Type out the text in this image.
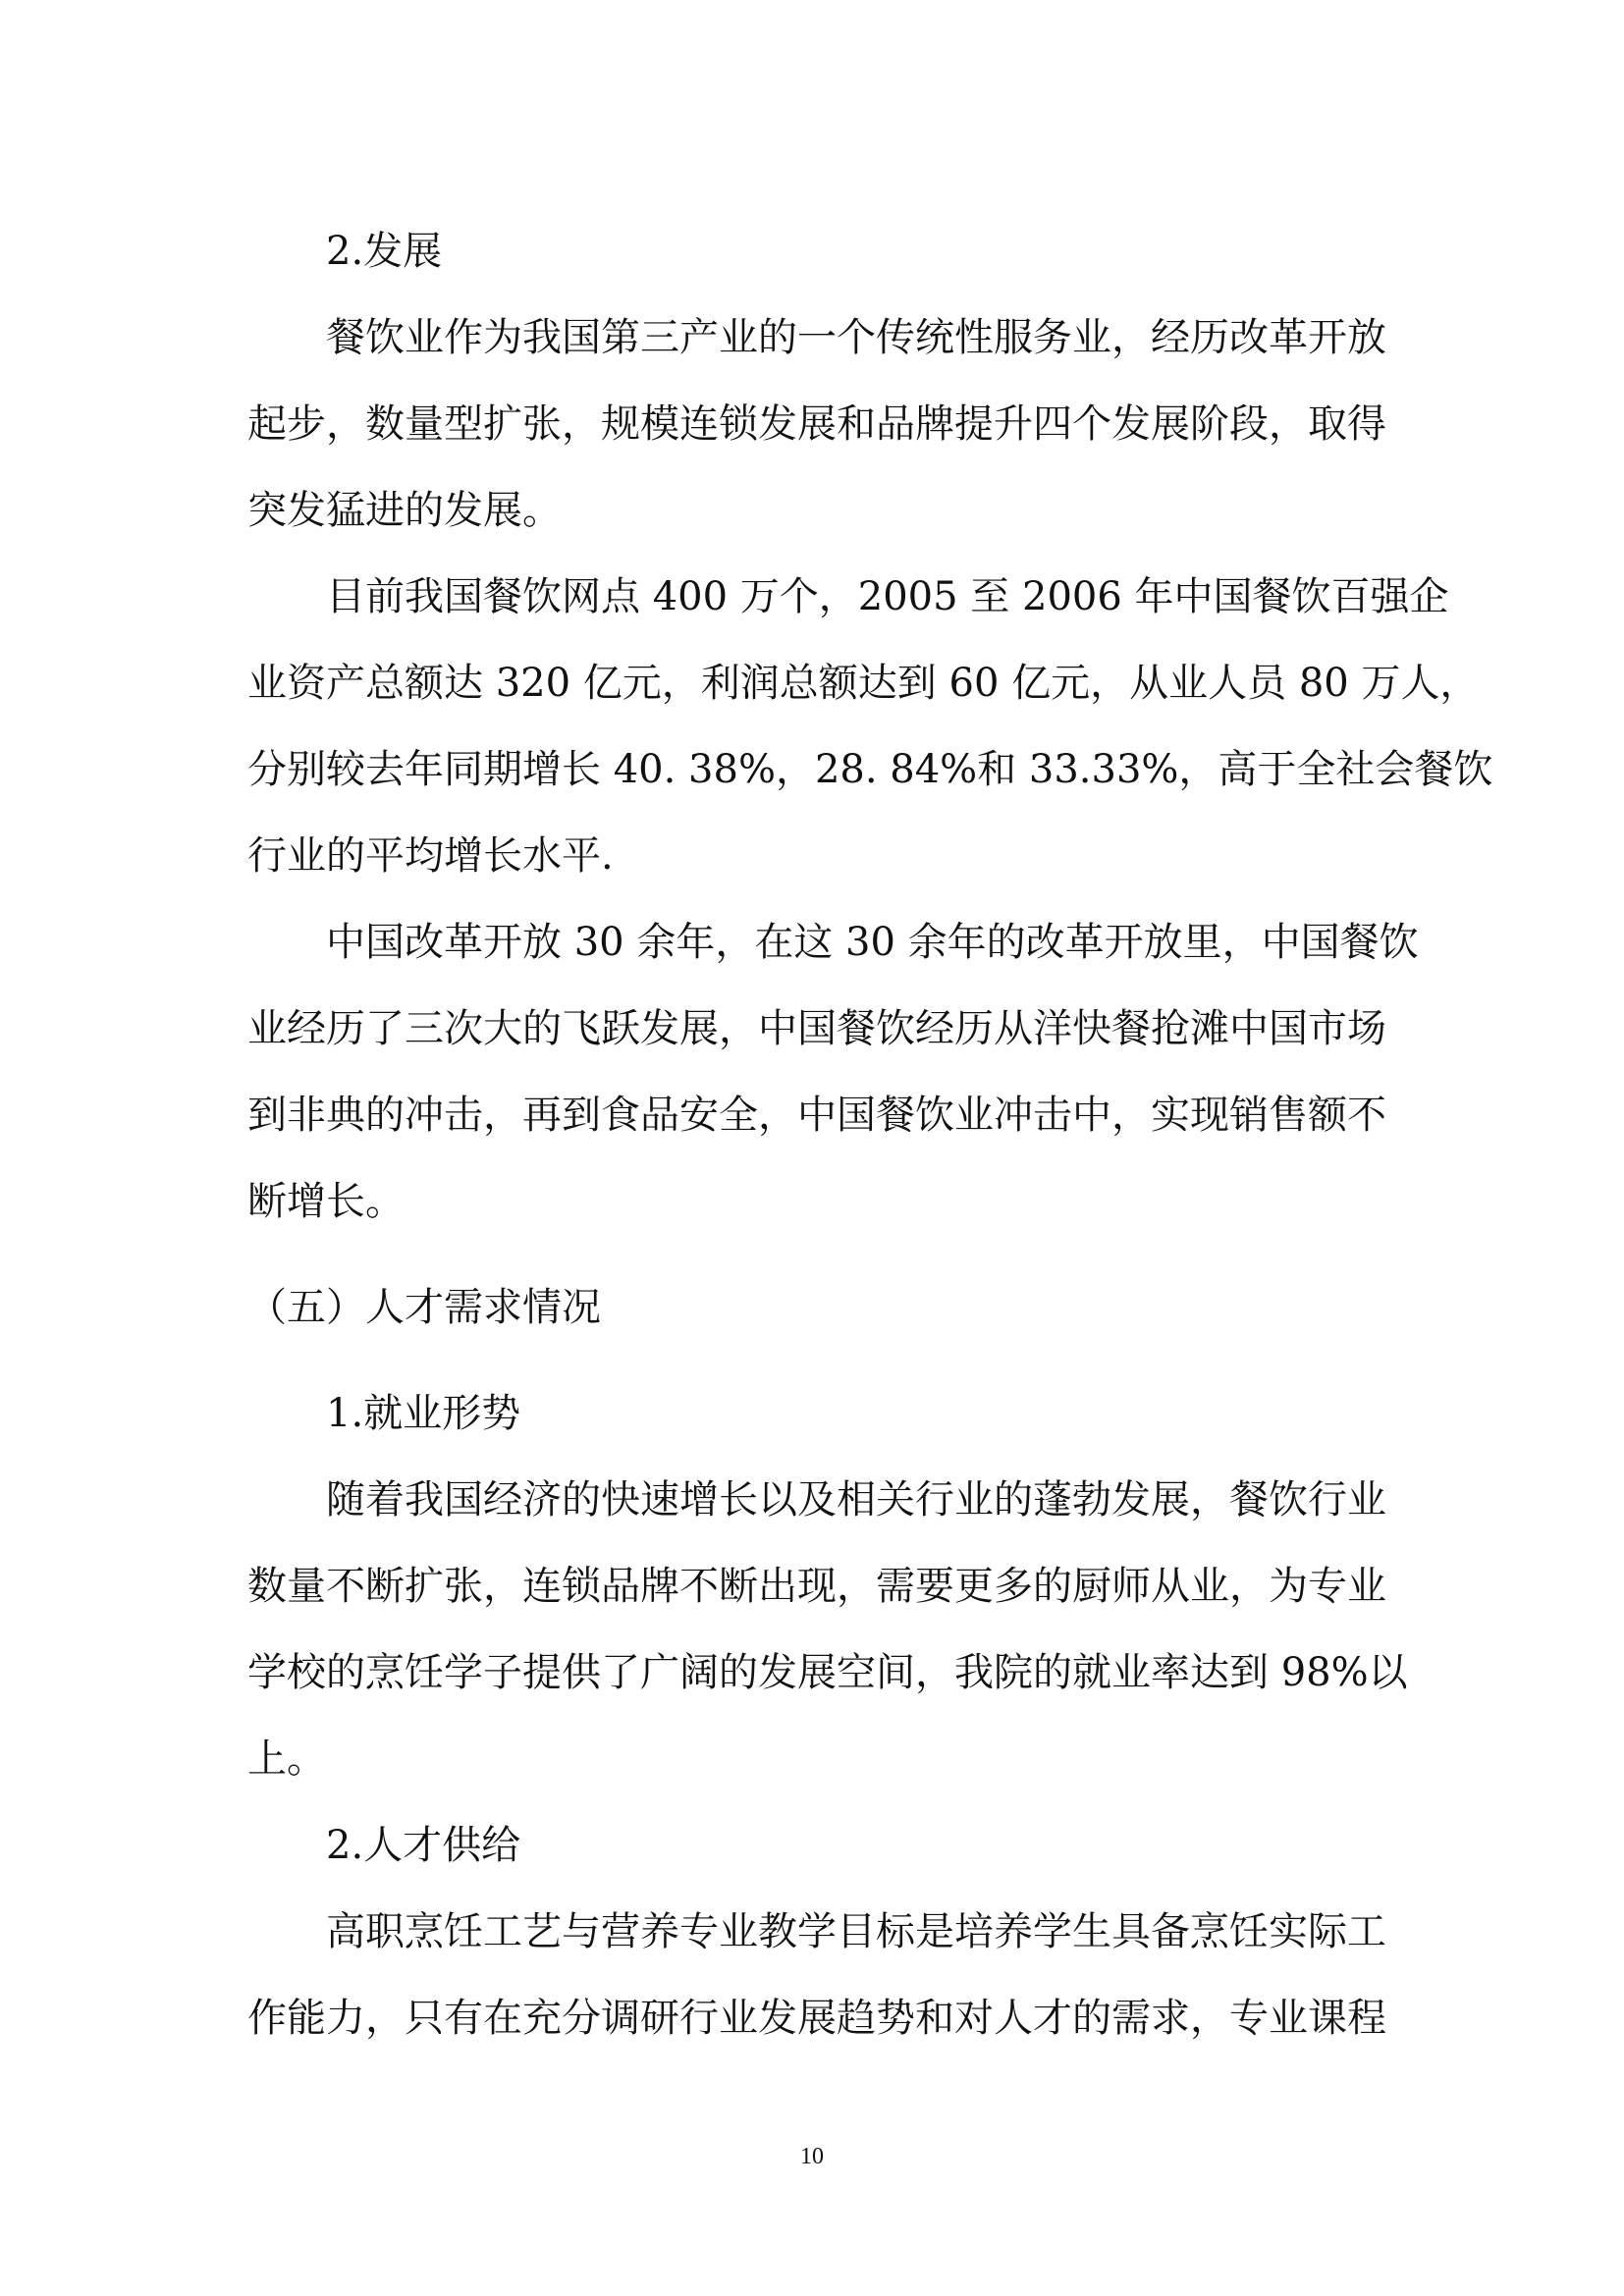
2.发展
餐饮业作为我国第三产业的一个传统性服务业，经历改革开放
起步，数量型扩张，规模连锁发展和品牌提升四个发展阶段，取得
突发猛进的发展。
目前我国餐饮网点 400 万个，2005 至 2006 年中国餐饮百强企
业资产总额达 320 亿元，利润总额达到 60 亿元，从业人员 80 万人，
分别较去年同期增长 40. 38%，28. 84%和 33.33%，高于全社会餐饮
行业的平均增长水平.
中国改革开放 30 余年，在这 30 余年的改革开放里，中国餐饮
业经历了三次大的飞跃发展，中国餐饮经历从洋快餐抢滩中国市场
到非典的冲击，再到食品安全，中国餐饮业冲击中，实现销售额不
断增长。
（五）人才需求情况
1.就业形势
随着我国经济的快速增长以及相关行业的蓬勃发展，餐饮行业
数量不断扩张，连锁品牌不断出现，需要更多的厨师从业，为专业
学校的烹饪学子提供了广阔的发展空间，我院的就业率达到 98%以
上。
2.人才供给
高职烹饪工艺与营养专业教学目标是培养学生具备烹饪实际工
作能力，只有在充分调研行业发展趋势和对人才的需求，专业课程
10
